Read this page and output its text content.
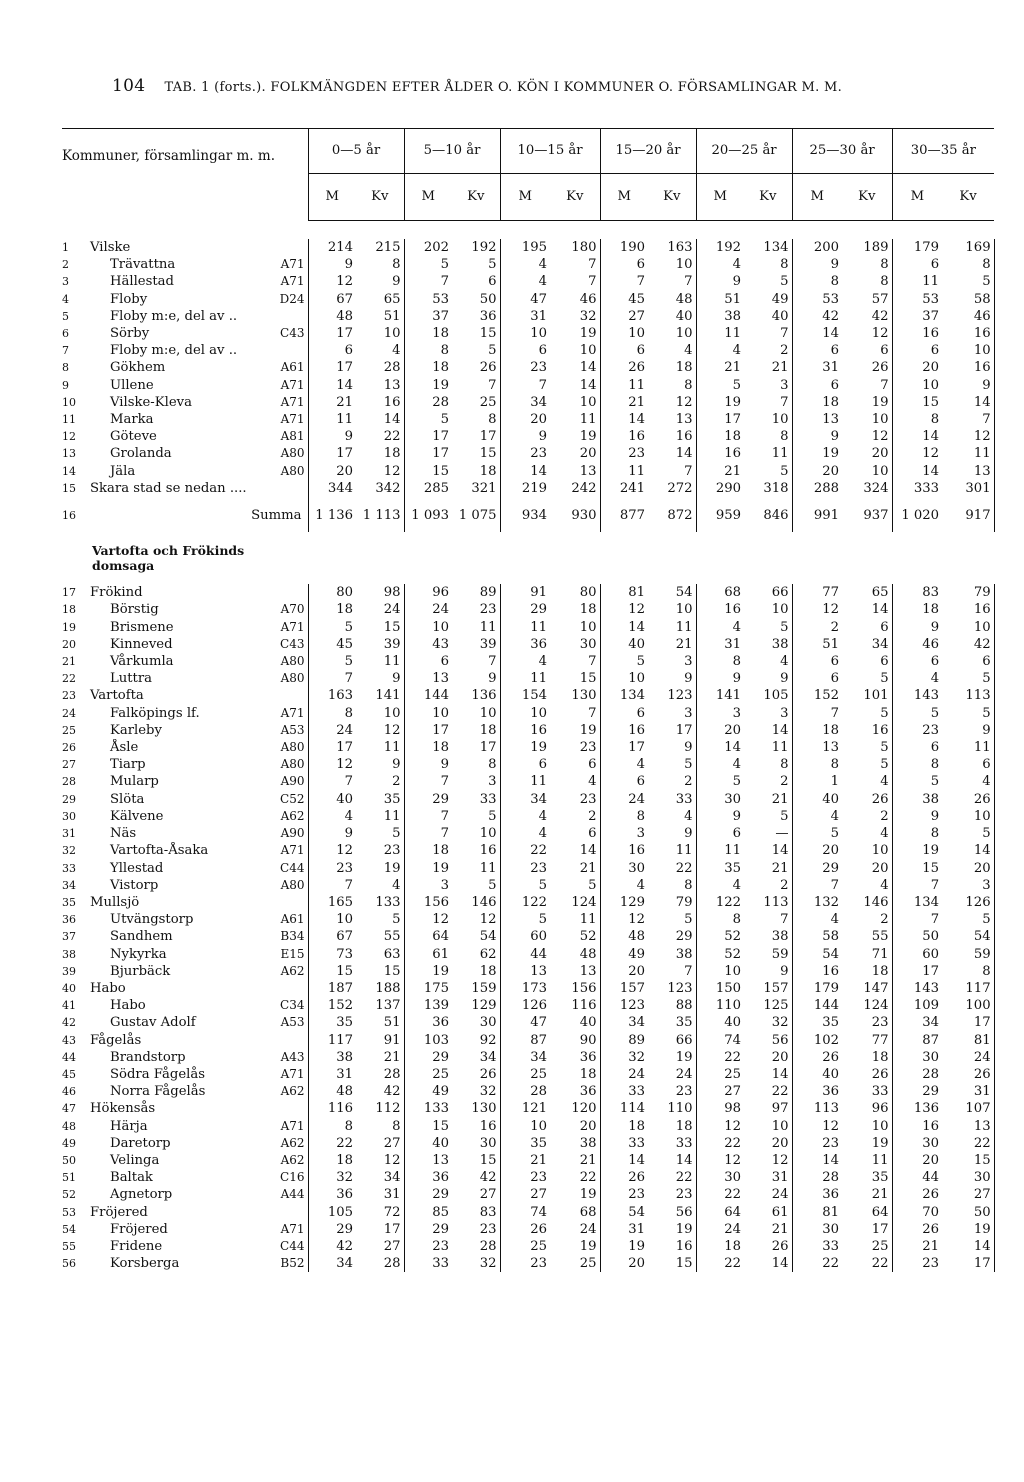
104 TAB. 1 (forts.). FOLKMÄNGDEN EFTER ÅLDER O. KÖN I KOMMUNER O. FÖRSAMLINGAR M. M.
Kommuner, församlingar m. m.	0—5 år		5—10 år		10—15 år		15—20 år		20—25 år		25—30 år		30—35 år	
	M	Kv	M	Kv	M	Kv	M	Kv	M	Kv	M	Kv	M	Kv

1 Vilske	214	215	202	192	195	180	190	163	192	134	200	189	179	169
2 Trävattna A71	9	8	5	5	4	7	6	10	4	8	9	8	6	8
3 Hällestad A71	12	9	7	6	4	7	7	7	9	5	8	8	11	5
4 Floby D24	67	65	53	50	47	46	45	48	51	49	53	57	53	58
5 Floby m:e, del av ..	48	51	37	36	31	32	27	40	38	40	42	42	37	46
6 Sörby C43	17	10	18	15	10	19	10	10	11	7	14	12	16	16
7 Floby m:e, del av ..	6	4	8	5	6	10	6	4	4	2	6	6	6	10
8 Gökhem A61	17	28	18	26	23	14	26	18	21	21	31	26	20	16
9 Ullene A71	14	13	19	7	7	14	11	8	5	3	6	7	10	9
10 Vilske-Kleva A71	21	16	28	25	34	10	21	12	19	7	18	19	15	14
11 Marka A71	11	14	5	8	20	11	14	13	17	10	13	10	8	7
12 Göteve A81	9	22	17	17	9	19	16	16	18	8	9	12	14	12
13 Grolanda A80	17	18	17	15	23	20	23	14	16	11	19	20	12	11
14 Jäla A80	20	12	15	18	14	13	11	7	21	5	20	10	14	13
15 Skara stad se nedan ....	344	342	285	321	219	242	241	272	290	318	288	324	333	301
16 Summa	1 136	1 113	1 093	1 075	934	930	877	872	959	846	991	937	1 020	917

Vartofta och Frökinds domsaga														

17 Frökind	80	98	96	89	91	80	81	54	68	66	77	65	83	79
18 Börstig A70	18	24	24	23	29	18	12	10	16	10	12	14	18	16
19 Brismene A71	5	15	10	11	11	10	14	11	4	5	2	6	9	10
20 Kinneved C43	45	39	43	39	36	30	40	21	31	38	51	34	46	42
21 Vårkumla A80	5	11	6	7	4	7	5	3	8	4	6	6	6	6
22 Luttra A80	7	9	13	9	11	15	10	9	9	9	6	5	4	5
23 Vartofta	163	141	144	136	154	130	134	123	141	105	152	101	143	113
24 Falköpings lf. A71	8	10	10	10	10	7	6	3	3	3	7	5	5	5
25 Karleby A53	24	12	17	18	16	19	16	17	20	14	18	16	23	9
26 Åsle A80	17	11	18	17	19	23	17	9	14	11	13	5	6	11
27 Tiarp A80	12	9	9	8	6	6	4	5	4	8	8	5	8	6
28 Mularp A90	7	2	7	3	11	4	6	2	5	2	1	4	5	4
29 Slöta C52	40	35	29	33	34	23	24	33	30	21	40	26	38	26
30 Kälvene A62	4	11	7	5	4	2	8	4	9	5	4	2	9	10
31 Näs A90	9	5	7	10	4	6	3	9	6	—	5	4	8	5
32 Vartofta-Åsaka A71	12	23	18	16	22	14	16	11	11	14	20	10	19	14
33 Yllestad C44	23	19	19	11	23	21	30	22	35	21	29	20	15	20
34 Vistorp A80	7	4	3	5	5	5	4	8	4	2	7	4	7	3
35 Mullsjö	165	133	156	146	122	124	129	79	122	113	132	146	134	126
36 Utvängstorp A61	10	5	12	12	5	11	12	5	8	7	4	2	7	5
37 Sandhem B34	67	55	64	54	60	52	48	29	52	38	58	55	50	54
38 Nykyrka E15	73	63	61	62	44	48	49	38	52	59	54	71	60	59
39 Bjurbäck A62	15	15	19	18	13	13	20	7	10	9	16	18	17	8
40 Habo	187	188	175	159	173	156	157	123	150	157	179	147	143	117
41 Habo C34	152	137	139	129	126	116	123	88	110	125	144	124	109	100
42 Gustav Adolf A53	35	51	36	30	47	40	34	35	40	32	35	23	34	17
43 Fågelås	117	91	103	92	87	90	89	66	74	56	102	77	87	81
44 Brandstorp A43	38	21	29	34	34	36	32	19	22	20	26	18	30	24
45 Södra Fågelås A71	31	28	25	26	25	18	24	24	25	14	40	26	28	26
46 Norra Fågelås A62	48	42	49	32	28	36	33	23	27	22	36	33	29	31
47 Hökensås	116	112	133	130	121	120	114	110	98	97	113	96	136	107
48 Härja A71	8	8	15	16	10	20	18	18	12	10	12	10	16	13
49 Daretorp A62	22	27	40	30	35	38	33	33	22	20	23	19	30	22
50 Velinga A62	18	12	13	15	21	21	14	14	12	12	14	11	20	15
51 Baltak C16	32	34	36	42	23	22	26	22	30	31	28	35	44	30
52 Agnetorp A44	36	31	29	27	27	19	23	23	22	24	36	21	26	27
53 Fröjered	105	72	85	83	74	68	54	56	64	61	81	64	70	50
54 Fröjered A71	29	17	29	23	26	24	31	19	24	21	30	17	26	19
55 Fridene C44	42	27	23	28	25	19	19	16	18	26	33	25	21	14
56 Korsberga B52	34	28	33	32	23	25	20	15	22	14	22	22	23	17
